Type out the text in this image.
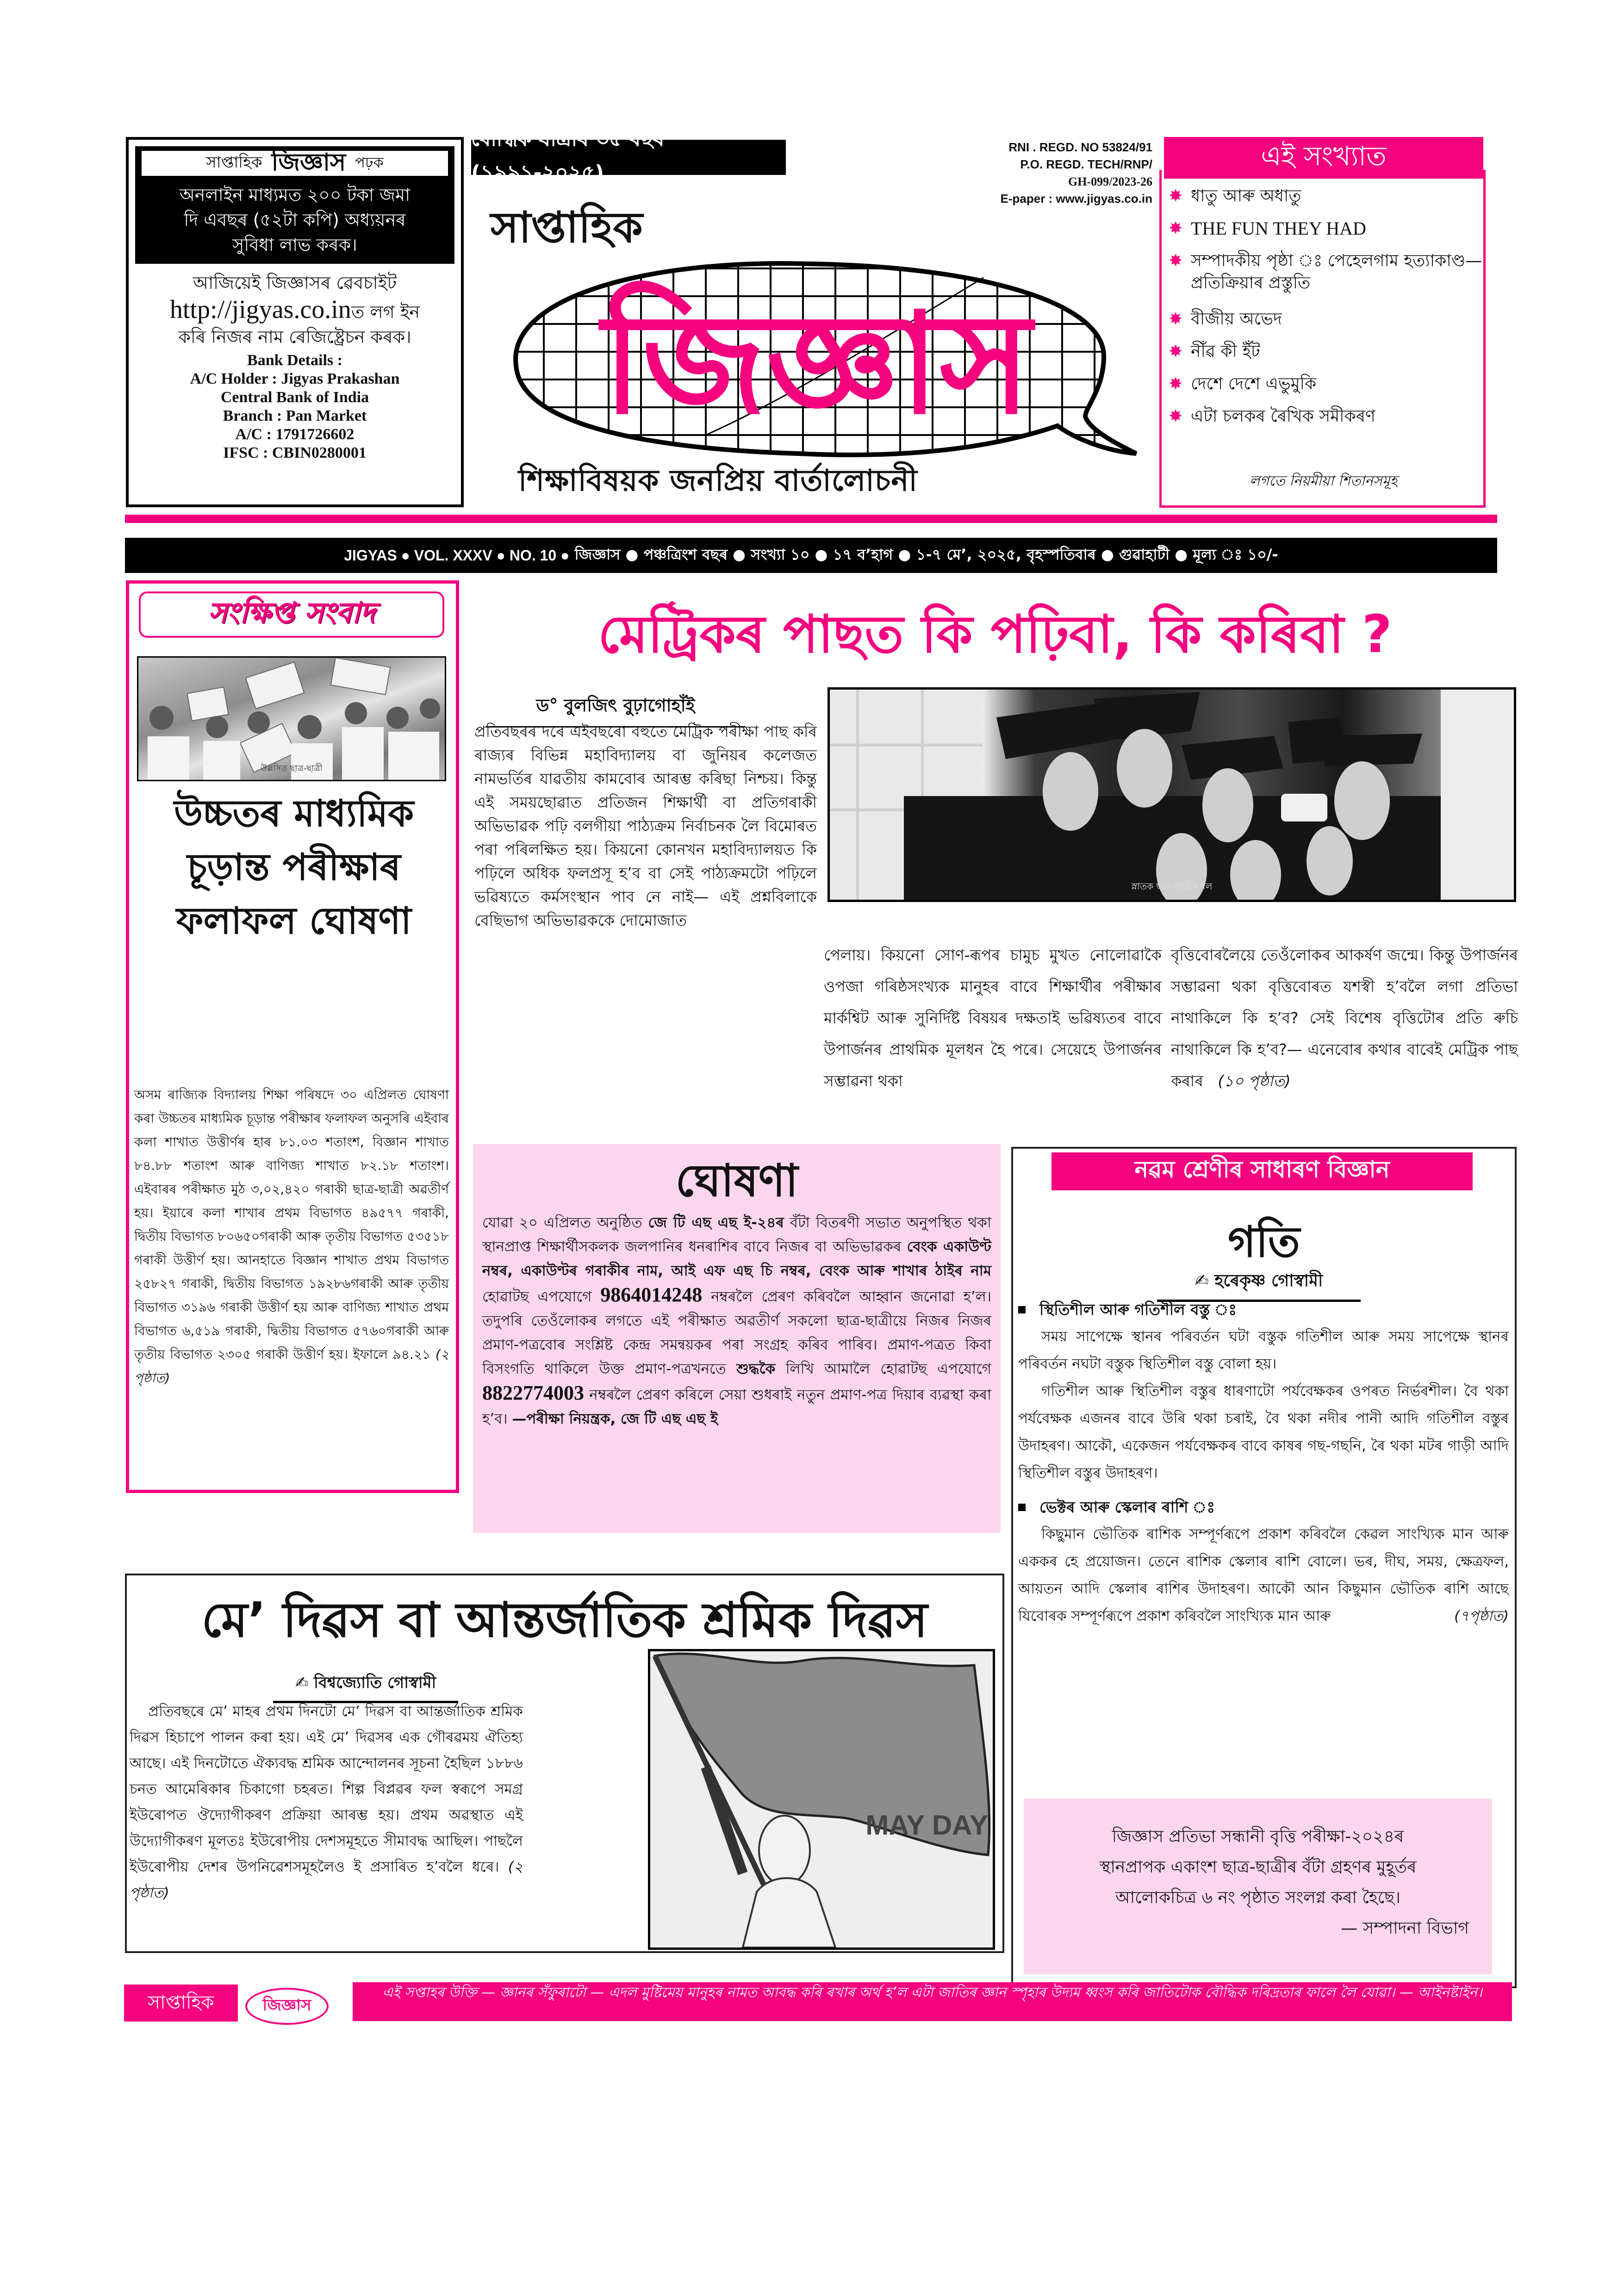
সাপ্তাহিক জিজ্ঞাস পঢ়ক
অনলাইন মাধ্যমত ২০০ টকা জমা
দি এবছৰ (৫২টা কপি) অধ্যয়নৰ
সুবিধা লাভ কৰক।
আজিয়েই জিজ্ঞাসৰ ৱেবচাইট
http://jigyas.co.inত লগ ইন
কৰি নিজৰ নাম ৰেজিষ্ট্ৰেচন কৰক।
Bank Details :
A/C Holder : Jigyas Prakashan
Central Bank of India
Branch : Pan Market
A/C : 1791726602
IFSC : CBIN0280001
বৌদ্ধিক যাত্ৰাৰ ৩৫ বছৰ (১৯৯১-২০২৫)
RNI . REGD. NO 53824/91
P.O. REGD. TECH/RNP/
GH-099/2023-26
E-paper : www.jigyas.co.in
সাপ্তাহিক
জিজ্ঞাস
শিক্ষাবিষয়ক জনপ্ৰিয় বাৰ্তালোচনী
এই সংখ্যাত
✸ ধাতু আৰু অধাতু
✸ THE FUN THEY HAD
✸ সম্পাদকীয় পৃষ্ঠা ঃ পেহেলগাম হত্যাকাণ্ড— প্ৰতিক্ৰিয়াৰ প্ৰস্তুতি
✸ বীজীয় অভেদ
✸ নীঁৱ কী ইঁট
✸ দেশে দেশে এভুমুকি
✸ এটা চলকৰ ৰৈখিক সমীকৰণ
লগতে নিয়মীয়া শিতানসমূহ
JIGYAS ● VOL. XXXV ● NO. 10 ●
জিজ্ঞাস ● পঞ্চত্ৰিংশ বছৰ ● সংখ্যা ১০ ● ১৭ ব’হাগ ● ১-৭ মে’, ২০২৫, বৃহস্পতিবাৰ ● গুৱাহাটী ● মূল্য ঃ ১০/-
সংক্ষিপ্ত সংবাদ
উল্লসিত ছাত্ৰ-ছাত্ৰী
উচ্চতৰ মাধ্যমিক
চূড়ান্ত পৰীক্ষাৰ
ফলাফল ঘোষণা
অসম ৰাজ্যিক বিদ্যালয় শিক্ষা পৰিষদে ৩০ এপ্ৰিলত ঘোষণা কৰা উচ্চতৰ মাধ্যমিক চূড়ান্ত পৰীক্ষাৰ ফলাফল অনুসৰি এইবাৰ কলা শাখাত উত্তীৰ্ণৰ হাৰ ৮১.০৩ শতাংশ, বিজ্ঞান শাখাত ৮৪.৮৮ শতাংশ আৰু বাণিজ্য শাখাত ৮২.১৮ শতাংশ। এইবাৰৰ পৰীক্ষাত মুঠ ৩,০২,৪২০ গৰাকী ছাত্ৰ-ছাত্ৰী অৱতীৰ্ণ হয়। ইয়াৰে কলা শাখাৰ প্ৰথম বিভাগত ৪৯৫৭৭ গৰাকী, দ্বিতীয় বিভাগত ৮০৬৫০গৰাকী আৰু তৃতীয় বিভাগত ৫৩৫১৮ গৰাকী উত্তীৰ্ণ হয়। আনহাতে বিজ্ঞান শাখাত প্ৰথম বিভাগত ২৫৮২৭ গৰাকী, দ্বিতীয় বিভাগত ১৯২৮৬গৰাকী আৰু তৃতীয় বিভাগত ৩১৯৬ গৰাকী উত্তীৰ্ণ হয় আৰু বাণিজ্য শাখাত প্ৰথম বিভাগত ৬,৫১৯ গৰাকী, দ্বিতীয় বিভাগত ৫৭৬০গৰাকী আৰু তৃতীয় বিভাগত ২৩০৫ গৰাকী উত্তীৰ্ণ হয়। ইফালে ৯৪.২১ (২ পৃষ্ঠাত)
মেট্ৰিকৰ পাছত কি পঢ়িবা, কি কৰিবা ?
ড° বুলজিৎ বুঢ়াগোহাঁই
প্ৰতিবছৰৰ দৰে এইবছৰো বহুতে মেট্ৰিক পৰীক্ষা পাছ কৰি ৰাজ্যৰ বিভিন্ন মহাবিদ্যালয় বা জুনিয়ৰ কলেজত নামভৰ্তিৰ যাৱতীয় কামবোৰ আৰম্ভ কৰিছা নিশ্চয়। কিন্তু এই সময়ছোৱাত প্ৰতিজন শিক্ষাৰ্থী বা প্ৰতিগৰাকী অভিভাৱক পঢ়ি বলগীয়া পাঠ্যক্ৰম নিৰ্বাচনক লৈ বিমোৰত পৰা পৰিলক্ষিত হয়। কিয়নো কোনখন মহাবিদ্যালয়ত কি পঢ়িলে অধিক ফলপ্ৰসূ হ’ব বা সেই পাঠ্যক্ৰমটো পঢ়িলে ভৱিষ্যতে কৰ্মসংস্থান পাব নে নাই— এই প্ৰশ্নবিলাকে বেছিভাগ অভিভাৱককে দোমোজাত
স্নাতক ছাত্ৰ-ছাত্ৰীৰ দল
পেলায়। কিয়নো সোণ-ৰূপৰ চামুচ মুখত নোলোৱাকৈ ওপজা গৰিষ্ঠসংখ্যক মানুহৰ বাবে শিক্ষাৰ্থীৰ পৰীক্ষাৰ মাৰ্কশ্বিট আৰু সুনিৰ্দিষ্ট বিষয়ৰ দক্ষতাই ভৱিষ্যতৰ বাবে উপাৰ্জনৰ প্ৰাথমিক মূলধন হৈ পৰে। সেয়েহে উপাৰ্জনৰ সম্ভাৱনা থকা
বৃত্তিবোৰলৈয়ে তেওঁলোকৰ আকৰ্ষণ জন্মে। কিন্তু উপাৰ্জনৰ সম্ভাৱনা থকা বৃত্তিবোৰত যশস্বী হ’বলৈ লগা প্ৰতিভা নাথাকিলে কি হ’ব? সেই বিশেষ বৃত্তিটোৰ প্ৰতি ৰুচি নাথাকিলে কি হ’ব?— এনেবোৰ কথাৰ বাবেই মেট্ৰিক পাছ কৰাৰ (১০ পৃষ্ঠাত)
ঘোষণা
যোৱা ২০ এপ্ৰিলত অনুষ্ঠিত জে টি এছ এছ ই-২৪ৰ বঁটা বিতৰণী সভাত অনুপস্থিত থকা স্থানপ্ৰাপ্ত শিক্ষাৰ্থীসকলক জলপানিৰ ধনৰাশিৰ বাবে নিজৰ বা অভিভাৱকৰ বেংক একাউণ্ট নম্বৰ, একাউণ্টৰ গৰাকীৰ নাম, আই এফ এছ চি নম্বৰ, বেংক আৰু শাখাৰ ঠাইৰ নাম হোৱাটছ এপযোগে 9864014248 নম্বৰলৈ প্ৰেৰণ কৰিবলৈ আহ্বান জনোৱা হ’ল। তদুপৰি তেওঁলোকৰ লগতে এই পৰীক্ষাত অৱতীৰ্ণ সকলো ছাত্ৰ-ছাত্ৰীয়ে নিজৰ নিজৰ প্ৰমাণ-পত্ৰবোৰ সংশ্লিষ্ট কেন্দ্ৰ সমন্বয়কৰ পৰা সংগ্ৰহ কৰিব পাৰিব। প্ৰমাণ-পত্ৰত কিবা বিসংগতি থাকিলে উক্ত প্ৰমাণ-পত্ৰখনতে শুদ্ধকৈ লিখি আমালৈ হোৱাটছ এপযোগে 8822774003 নম্বৰলৈ প্ৰেৰণ কৰিলে সেয়া শুধৰাই নতুন প্ৰমাণ-পত্ৰ দিয়াৰ ব্যৱস্থা কৰা হ’ব। —পৰীক্ষা নিয়ন্ত্ৰক, জে টি এছ এছ ই
নৱম শ্ৰেণীৰ সাধাৰণ বিজ্ঞান
গতি
✍ হৰেকৃষ্ণ গোস্বামী
স্থিতিশীল আৰু গতিশীল বস্তু ঃ

সময় সাপেক্ষে স্থানৰ পৰিবৰ্তন ঘটা বস্তুক গতিশীল আৰু সময় সাপেক্ষে স্থানৰ পৰিবৰ্তন নঘটা বস্তুক স্থিতিশীল বস্তু বোলা হয়।

গতিশীল আৰু স্থিতিশীল বস্তুৰ ধাৰণাটো পৰ্যবেক্ষকৰ ওপৰত নিৰ্ভৰশীল। বৈ থকা পৰ্যবেক্ষক এজনৰ বাবে উৰি থকা চৰাই, বৈ থকা নদীৰ পানী আদি গতিশীল বস্তুৰ উদাহৰণ। আকৌ, একেজন পৰ্যবেক্ষকৰ বাবে কাষৰ গছ-গছনি, ৰৈ থকা মটৰ গাড়ী আদি স্থিতিশীল বস্তুৰ উদাহৰণ।

ভেক্টৰ আৰু স্কেলাৰ ৰাশি ঃ

কিছুমান ভৌতিক ৰাশিক সম্পূৰ্ণৰূপে প্ৰকাশ কৰিবলৈ কেৱল সাংখ্যিক মান আৰু এককৰ হে প্ৰয়োজন। তেনে ৰাশিক স্কেলাৰ ৰাশি বোলে। ভৰ, দীঘ, সময়, ক্ষেত্ৰফল, আয়তন আদি স্কেলাৰ ৰাশিৰ উদাহৰণ। আকৌ আন কিছুমান ভৌতিক ৰাশি আছে যিবোৰক সম্পূৰ্ণৰূপে প্ৰকাশ কৰিবলৈ সাংখ্যিক মান আৰু	(৭পৃষ্ঠাত)

জিজ্ঞাস প্ৰতিভা সন্ধানী বৃত্তি পৰীক্ষা-২০২৪ৰ
স্থানপ্ৰাপক একাংশ ছাত্ৰ-ছাত্ৰীৰ বঁটা গ্ৰহণৰ মুহূৰ্তৰ
আলোকচিত্ৰ ৬ নং পৃষ্ঠাত সংলগ্ন কৰা হৈছে।
— সম্পাদনা বিভাগ
মে’ দিৱস বা আন্তৰ্জাতিক শ্ৰমিক দিৱস
✍ বিশ্বজ্যোতি গোস্বামী
প্ৰতিবছৰে মে’ মাহৰ প্ৰথম দিনটো মে’ দিৱস বা আন্তৰ্জাতিক শ্ৰমিক দিৱস হিচাপে পালন কৰা হয়। এই মে’ দিৱসৰ এক গৌৰৱময় ঐতিহ্য আছে। এই দিনটোতে ঐক্যবদ্ধ শ্ৰমিক আন্দোলনৰ সূচনা হৈছিল ১৮৮৬ চনত আমেৰিকাৰ চিকাগো চহৰত। শিল্প বিপ্লৱৰ ফল স্বৰূপে সমগ্ৰ ইউৰোপত ঔদ্যোগীকৰণ প্ৰক্ৰিয়া আৰম্ভ হয়। প্ৰথম অৱস্থাত এই উদ্যোগীকৰণ মূলতঃ ইউৰোপীয় দেশসমূহতে সীমাবদ্ধ আছিল। পাছলৈ ইউৰোপীয় দেশৰ উপনিৱেশসমূহলৈও ই প্ৰসাৰিত হ’বলৈ ধৰে। (২ পৃষ্ঠাত)
MAY DAY
সাপ্তাহিক	জিজ্ঞাস
এই সপ্তাহৰ উক্তি — জ্ঞানৰ সঁফুৰাটো — এদল মুষ্টিমেয় মানুহৰ নামত আবদ্ধ কৰি ৰখাৰ অৰ্থ হ’ল এটা জাতিৰ জ্ঞান স্পৃহাৰ উদ্যম ধ্বংস কৰি জাতিটোক বৌদ্ধিক দৰিদ্ৰতাৰ ফালে লৈ যোৱা। — আইনষ্টাইন।
